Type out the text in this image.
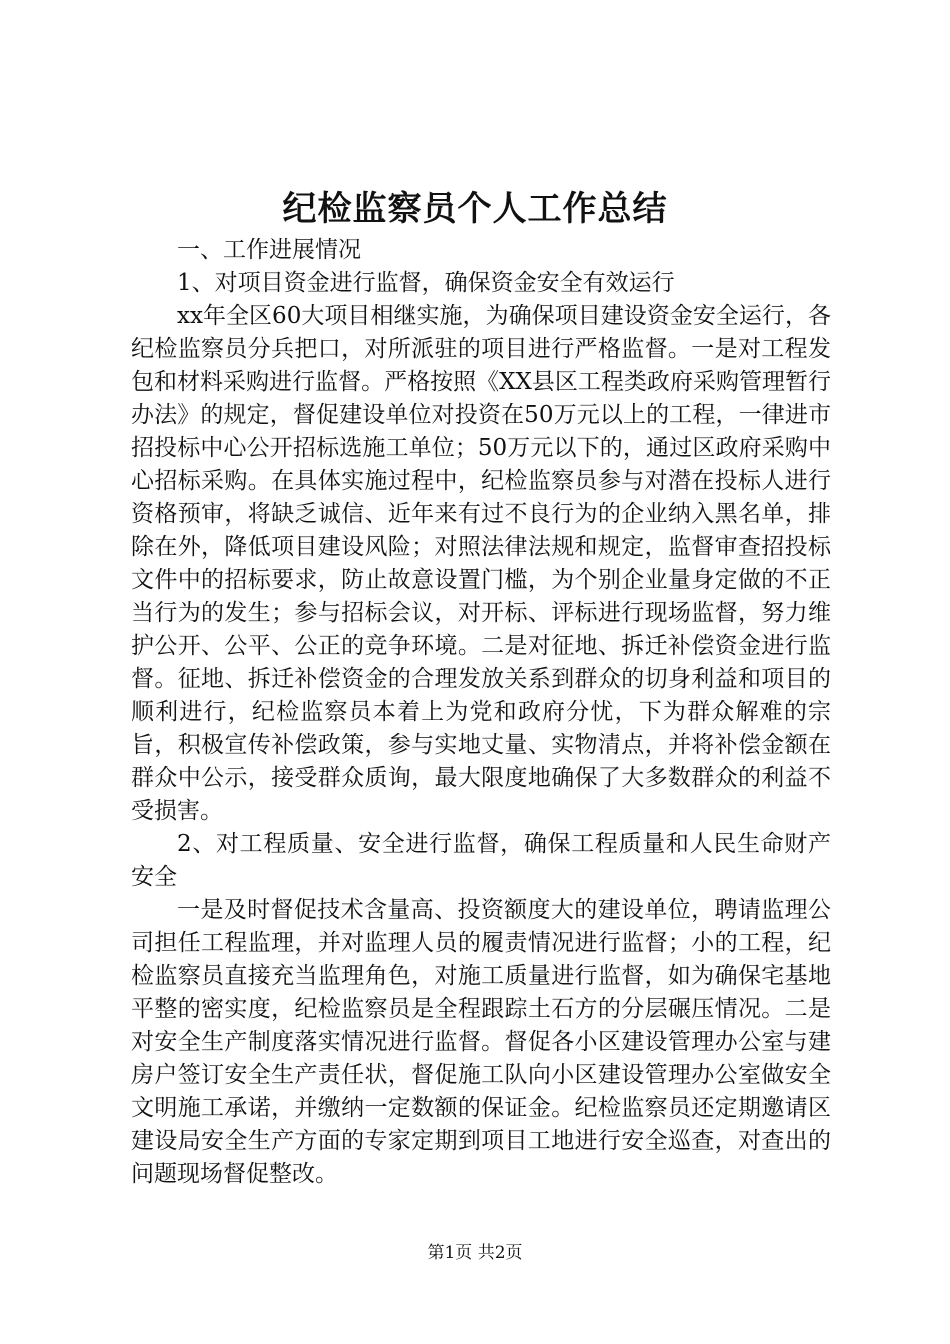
纪检监察员个人工作总结

一、工作进展情况

1、对项目资金进行监督，确保资金安全有效运行

xx年全区60大项目相继实施，为确保项目建设资金安全运行，各纪检监察员分兵把口，对所派驻的项目进行严格监督。一是对工程发包和材料采购进行监督。严格按照《XX县区工程类政府采购管理暂行办法》的规定，督促建设单位对投资在50万元以上的工程，一律进市招投标中心公开招标选施工单位；50万元以下的，通过区政府采购中心招标采购。在具体实施过程中，纪检监察员参与对潜在投标人进行资格预审，将缺乏诚信、近年来有过不良行为的企业纳入黑名单，排除在外，降低项目建设风险；对照法律法规和规定，监督审查招投标文件中的招标要求，防止故意设置门槛，为个别企业量身定做的不正当行为的发生；参与招标会议，对开标、评标进行现场监督，努力维护公开、公平、公正的竞争环境。二是对征地、拆迁补偿资金进行监督。征地、拆迁补偿资金的合理发放关系到群众的切身利益和项目的顺利进行，纪检监察员本着上为党和政府分忧，下为群众解难的宗旨，积极宣传补偿政策，参与实地丈量、实物清点，并将补偿金额在群众中公示，接受群众质询，最大限度地确保了大多数群众的利益不受损害。

2、对工程质量、安全进行监督，确保工程质量和人民生命财产安全

一是及时督促技术含量高、投资额度大的建设单位，聘请监理公司担任工程监理，并对监理人员的履责情况进行监督；小的工程，纪检监察员直接充当监理角色，对施工质量进行监督，如为确保宅基地平整的密实度，纪检监察员是全程跟踪土石方的分层碾压情况。二是对安全生产制度落实情况进行监督。督促各小区建设管理办公室与建房户签订安全生产责任状，督促施工队向小区建设管理办公室做安全文明施工承诺，并缴纳一定数额的保证金。纪检监察员还定期邀请区建设局安全生产方面的专家定期到项目工地进行安全巡查，对查出的问题现场督促整改。

第1页 共2页
